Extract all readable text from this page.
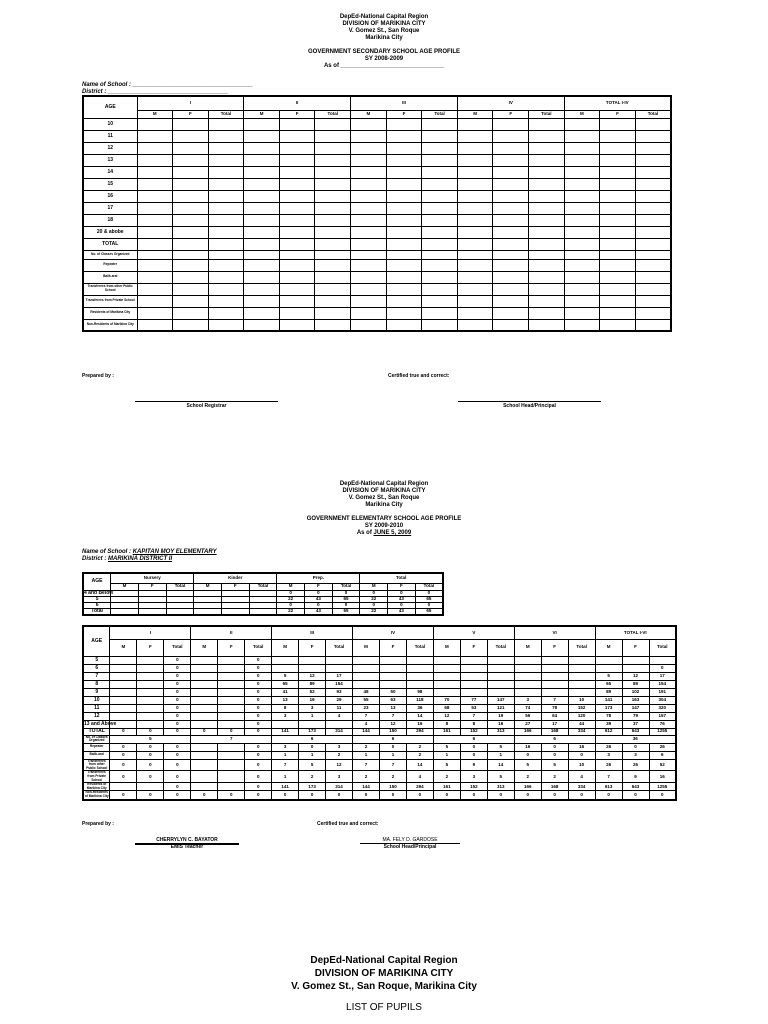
DepEd-National Capital Region
DIVISION OF MARIKINA CITY
V. Gomez St., San Roque
Marikina City
GOVERNMENT SECONDARY SCHOOL AGE PROFILE
SY 2008-2009
As of _______________________________
Name of School : ____________________________________
District : ____________________________________
AGE	I			II			III			IV			TOTAL I-IV		
	M	F	Total	M	F	Total	M	F	Total	M	F	Total	M	F	Total
10															
11															
12															
13															
14															
15															
16															
17															
18															
20 & abobe															
TOTAL															
No. of Classes Organized															
Repeater															
Balik-aral															
Transferees from other Public School															
Transferees from Private School															
Residents of Marikina City															
Non-Residents of Marikina City															
Prepared by :	Certified true and correct:
School Registrar	School Head/Principal
DepEd-National Capital Region
DIVISION OF MARIKINA CITY
V. Gomez St., San Roque
Marikina City
GOVERNMENT ELEMENTARY SCHOOL AGE PROFILE
SY 2009-2010
As of JUNE 5, 2009
Name of School : KAPITAN MOY ELEMENTARY
District : MARIKINA DISTRICT II
AGE	Nursery			Kinder			Prep.			Total		
	M	F	Total	M	F	Total	M	F	Total	M	F	Total
4 and Below							0	0	0	0	0	0
5							22	43	65	22	43	65
6							0	0	0	0	0	0
Total							22	43	65	22	43	65
AGE	I			II			III			IV			V			VI			TOTAL I-VI		
	M	F	Total	M	F	Total	M	F	Total	M	F	Total	M	F	Total	M	F	Total	M	F	Total
5			0			0															
6			0			0															0
7			0			0	5	12	17										5	12	17
8			0			0	65	89	154										65	89	154
9			0			0	41	52	93	48	50	98							89	102	191
10			0			0	13	16	29	55	63	118	70	77	147	3	7	10	141	163	304
11			0			0	8	3	11	23	13	36	68	53	121	74	78	152	173	147	320
12			0			0	3	1	4	7	7	14	12	7	19	56	64	120	78	79	157
13 and Above			0			0				4	12	16	8	8	16	27	17	44	39	37	76
TOTAL	0	0	0	0	0	0	141	173	314	144	150	294	161	152	313	166	168	334	612	643	1255
No. of Classes Organized	5			7			6			6			6			6			36		
Repeater	0	0	0			0	3	0	3	2	0	2	5	0	5	16	0	16	26	0	26
Balik-aral	0	0	0			0	1	1	2	1	1	2	1	0	1	0	0	0	3	3	6
Transferees from other Public School	0	0	0			0	7	5	12	7	7	14	5	9	14	5	5	10	26	26	52
Transferees from Private School	0	0	0			0	1	2	3	2	2	4	2	3	5	2	2	4	7	9	16
Residents of Marikina City			0			0	141	173	314	144	150	294	161	152	313	166	168	334	613	643	1255
Non-Residents of Marikina City	0	0	0	0	0	0	0	0	0	0	0	0	0	0	0	0	0	0	0	0	0
Prepared by :	Certified true and correct:
CHERRYLYN C. BAYATOR
EMIS Teacher
MA. FELY D. GARDOSE
School Head/Principal
DepEd-National Capital Region
DIVISION OF MARIKINA CITY
V. Gomez St., San Roque, Marikina City
LIST OF PUPILS
